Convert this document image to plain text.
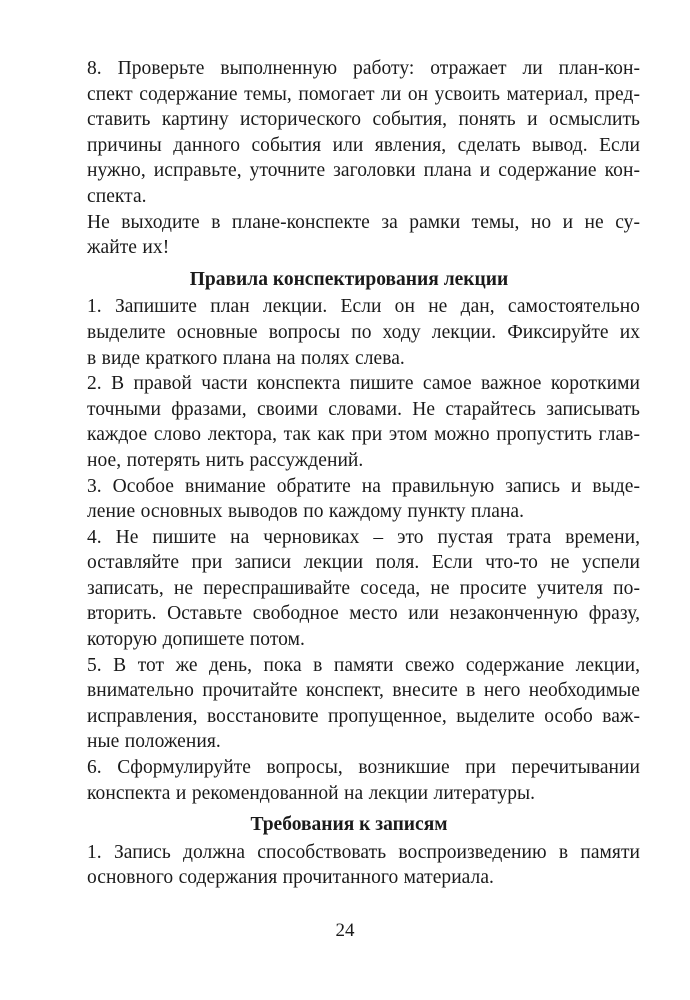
8. Проверьте выполненную работу: отражает ли план-кон-
спект содержание темы, помогает ли он усвоить материал, пред-
ставить картину исторического события, понять и осмыслить
причины данного события или явления, сделать вывод. Если
нужно, исправьте, уточните заголовки плана и содержание кон-
спекта.

Не выходите в плане-конспекте за рамки темы, но и не су-
жайте их!

Правила конспектирования лекции

1. Запишите план лекции. Если он не дан, самостоятельно
выделите основные вопросы по ходу лекции. Фиксируйте их
в виде краткого плана на полях слева.

2. В правой части конспекта пишите самое важное короткими
точными фразами, своими словами. Не старайтесь записывать
каждое слово лектора, так как при этом можно пропустить глав-
ное, потерять нить рассуждений.

3. Особое внимание обратите на правильную запись и выде-
ление основных выводов по каждому пункту плана.

4. Не пишите на черновиках – это пустая трата времени,
оставляйте при записи лекции поля. Если что-то не успели
записать, не переспрашивайте соседа, не просите учителя по-
вторить. Оставьте свободное место или незаконченную фразу,
которую допишете потом.

5. В тот же день, пока в памяти свежо содержание лекции,
внимательно прочитайте конспект, внесите в него необходимые
исправления, восстановите пропущенное, выделите особо важ-
ные положения.

6. Сформулируйте вопросы, возникшие при перечитывании
конспекта и рекомендованной на лекции литературы.

Требования к записям

1. Запись должна способствовать воспроизведению в памяти
основного содержания прочитанного материала.

24
